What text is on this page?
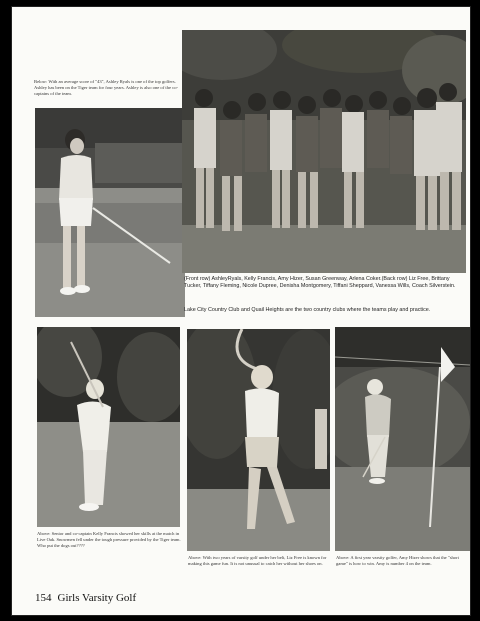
Below: With an average score of "43", Ashley Ryals is one of the top golfers. Ashley has been on the Tiger team for four years. Ashley is also one of the co-captains of the team.
(Front row) AshleyRyals, Kelly Francis, Amy Hizer, Susan Greenway, Arlena Coker.(Back row) Liz Free, Brittany Tucker, Tiffany Fleming, Nicole Dupree, Denisha Montgomery, Tiffani Sheppard, Vanessa Wills, Coach Silverstein.
Lake City Country Club and Quail Heights are the two country clubs where the teams play and practice.
Above: Senior and co-captain Kelly Francis showed her skills at the match in Live Oak. Snowmen fell under the tough pressure provided by the Tiger team. Who put the dogs out????
Above: With two years of varsity golf under her belt, Liz Free is known for making this game fun. It is not unusual to catch her without her shoes on.
Above: A first year varsity golfer, Amy Hizer shows that the "short game" is how to win. Amy is number 4 on the team.
154 Girls Varsity Golf
